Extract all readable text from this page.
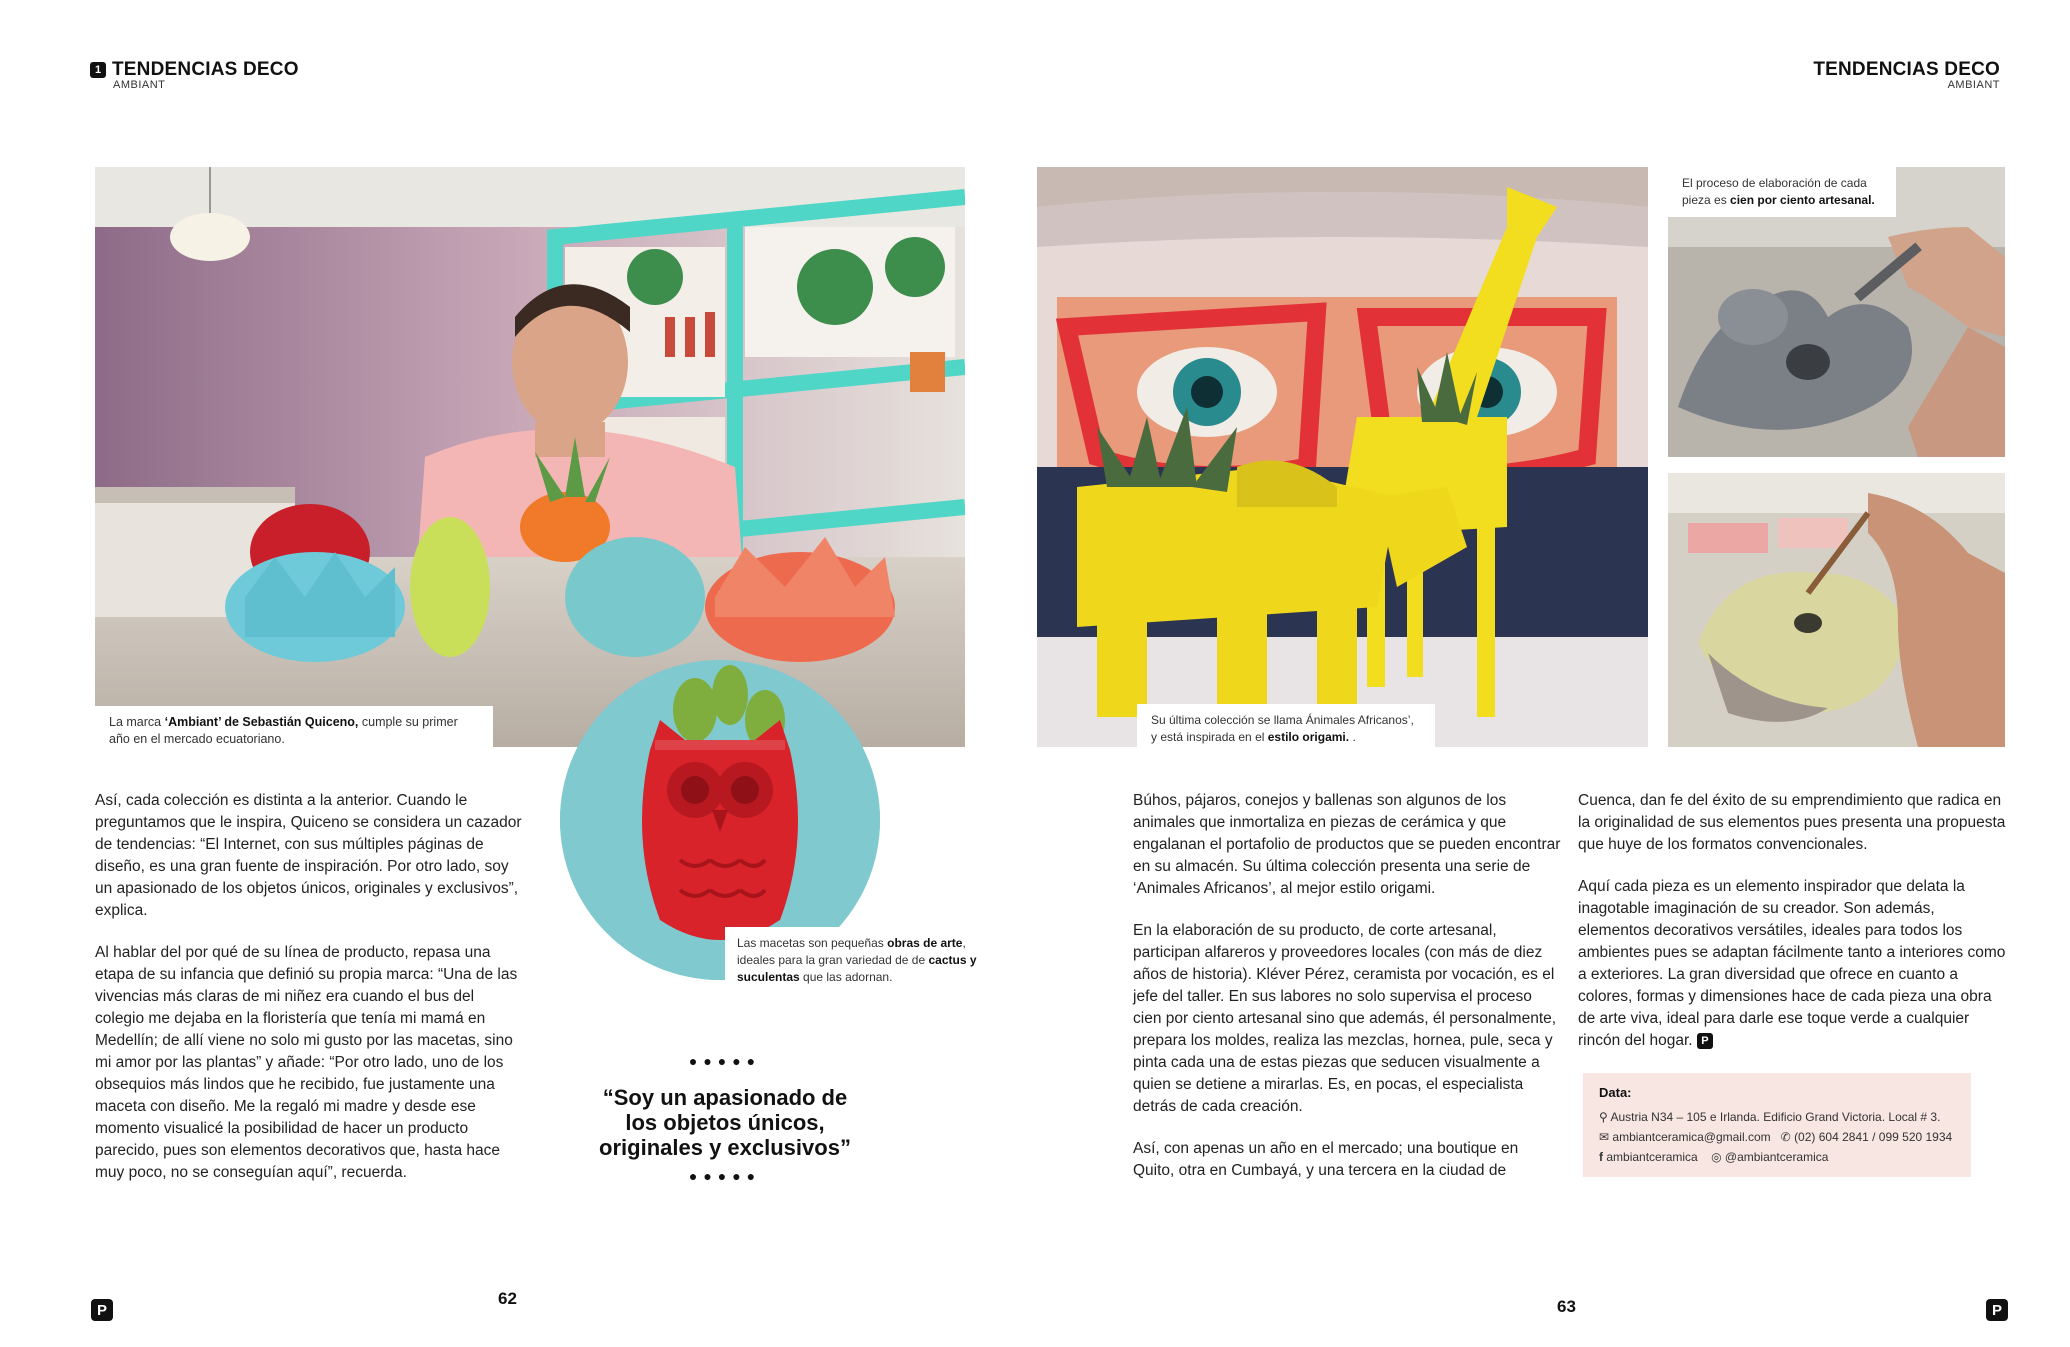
1 TENDENCIAS DECO
AMBIANT
TENDENCIAS DECO
AMBIANT
La marca ‘Ambiant’ de Sebastián Quiceno, cumple su primer año en el mercado ecuatoriano.
Las macetas son pequeñas obras de arte, ideales para la gran variedad de de cactus y suculentas que las adornan.

Así, cada colección es distinta a la anterior. Cuando le preguntamos que le inspira, Quiceno se considera un cazador de tendencias: “El Internet, con sus múltiples páginas de diseño, es una gran fuente de inspiración. Por otro lado, soy un apasionado de los objetos únicos, originales y exclusivos”, explica.

Al hablar del por qué de su línea de producto, repasa una etapa de su infancia que definió su propia marca: “Una de las vivencias más claras de mi niñez era cuando el bus del colegio me dejaba en la floristería que tenía mi mamá en Medellín; de allí viene no solo mi gusto por las macetas, sino mi amor por las plantas” y añade: “Por otro lado, uno de los obsequios más lindos que he recibido, fue justamente una maceta con diseño. Me la regaló mi madre y desde ese momento visualicé la posibilidad de hacer un producto parecido, pues son elementos decorativos que, hasta hace muy poco, no se conseguían aquí”, recuerda.

●●●●●
“Soy un apasionado de los objetos únicos, originales y exclusivos”
●●●●●
Su última colección se llama Ánimales Africanos’, y está inspirada en el estilo origami. .
El proceso de elaboración de cada pieza es cien por ciento artesanal.

Búhos, pájaros, conejos y ballenas son algunos de los animales que inmortaliza en piezas de cerámica y que engalanan el portafolio de productos que se pueden encontrar en su almacén. Su última colección presenta una serie de ‘Animales Africanos’, al mejor estilo origami.

En la elaboración de su producto, de corte artesanal, participan alfareros y proveedores locales (con más de diez años de historia). Kléver Pérez, ceramista por vocación, es el jefe del taller. En sus labores no solo supervisa el proceso cien por ciento artesanal sino que además, él personalmente, prepara los moldes, realiza las mezclas, hornea, pule, seca y pinta cada una de estas piezas que seducen visualmente a quien se detiene a mirarlas. Es, en pocas, el especialista detrás de cada creación.

Así, con apenas un año en el mercado; una boutique en Quito, otra en Cumbayá, y una tercera en la ciudad de

Cuenca, dan fe del éxito de su emprendimiento que radica en la originalidad de sus elementos pues presenta una propuesta que huye de los formatos convencionales.

Aquí cada pieza es un elemento inspirador que delata la inagotable imaginación de su creador. Son además, elementos decorativos versátiles, ideales para todos los ambientes pues se adaptan fácilmente tanto a interiores como a exteriores. La gran diversidad que ofrece en cuanto a colores, formas y dimensiones hace de cada pieza una obra de arte viva, ideal para darle ese toque verde a cualquier rincón del hogar. P

Data:
⚲ Austria N34 – 105 e Irlanda. Edificio Grand Victoria. Local # 3.
✉ ambiantceramica@gmail.com ✆ (02) 604 2841 / 099 520 1934
f ambiantceramica ◎ @ambiantceramica
P
62	63	P
